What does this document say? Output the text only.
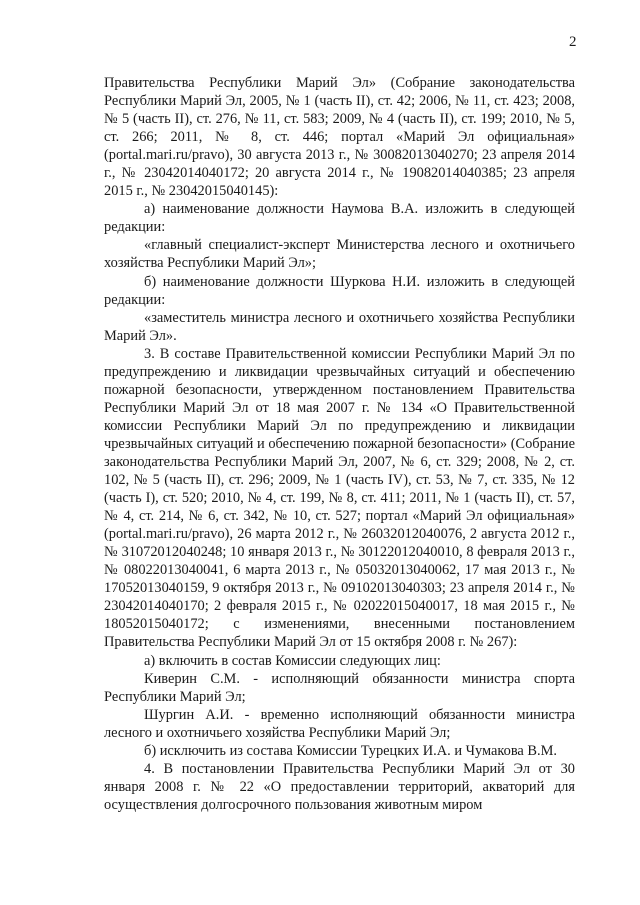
2

Правительства Республики Марий Эл» (Собрание законодательства Республики Марий Эл, 2005, № 1 (часть II), ст. 42; 2006, № 11, ст. 423; 2008, № 5 (часть II), ст. 276, № 11, ст. 583; 2009, № 4 (часть II), ст. 199; 2010, № 5, ст. 266; 2011, № 8, ст. 446; портал «Марий Эл официальная» (portal.mari.ru/pravo), 30 августа 2013 г., № 30082013040270; 23 апреля 2014 г., № 23042014040172; 20 августа 2014 г., № 19082014040385; 23 апреля 2015 г., № 23042015040145):

а) наименование должности Наумова В.А. изложить в следующей редакции:

«главный специалист-эксперт Министерства лесного и охотничьего хозяйства Республики Марий Эл»;

б) наименование должности Шуркова Н.И. изложить в следующей редакции:

«заместитель министра лесного и охотничьего хозяйства Республики Марий Эл».

3. В составе Правительственной комиссии Республики Марий Эл по предупреждению и ликвидации чрезвычайных ситуаций и обеспечению пожарной безопасности, утвержденном постановлением Правительства Республики Марий Эл от 18 мая 2007 г. № 134 «О Правительственной комиссии Республики Марий Эл по предупреждению и ликвидации чрезвычайных ситуаций и обеспечению пожарной безопасности» (Собрание законодательства Республики Марий Эл, 2007, № 6, ст. 329; 2008, № 2, ст. 102, № 5 (часть II), ст. 296; 2009, № 1 (часть IV), ст. 53, № 7, ст. 335, № 12 (часть I), ст. 520; 2010, № 4, ст. 199, № 8, ст. 411; 2011, № 1 (часть II), ст. 57, № 4, ст. 214, № 6, ст. 342, № 10, ст. 527; портал «Марий Эл официальная» (portal.mari.ru/pravo), 26 марта 2012 г., № 26032012040076, 2 августа 2012 г., № 31072012040248; 10 января 2013 г., № 30122012040010, 8 февраля 2013 г., № 08022013040041, 6 марта 2013 г., № 05032013040062, 17 мая 2013 г., № 17052013040159, 9 октября 2013 г., № 09102013040303; 23 апреля 2014 г., № 23042014040170; 2 февраля 2015 г., № 02022015040017, 18 мая 2015 г., № 18052015040172; с изменениями, внесенными постановлением Правительства Республики Марий Эл от 15 октября 2008 г. № 267):

а) включить в состав Комиссии следующих лиц:

Киверин С.М. - исполняющий обязанности министра спорта Республики Марий Эл;

Шургин А.И. - временно исполняющий обязанности министра лесного и охотничьего хозяйства Республики Марий Эл;

б) исключить из состава Комиссии Турецких И.А. и Чумакова В.М.

4. В постановлении Правительства Республики Марий Эл от 30 января 2008 г. № 22 «О предоставлении территорий, акваторий для осуществления долгосрочного пользования животным миром
